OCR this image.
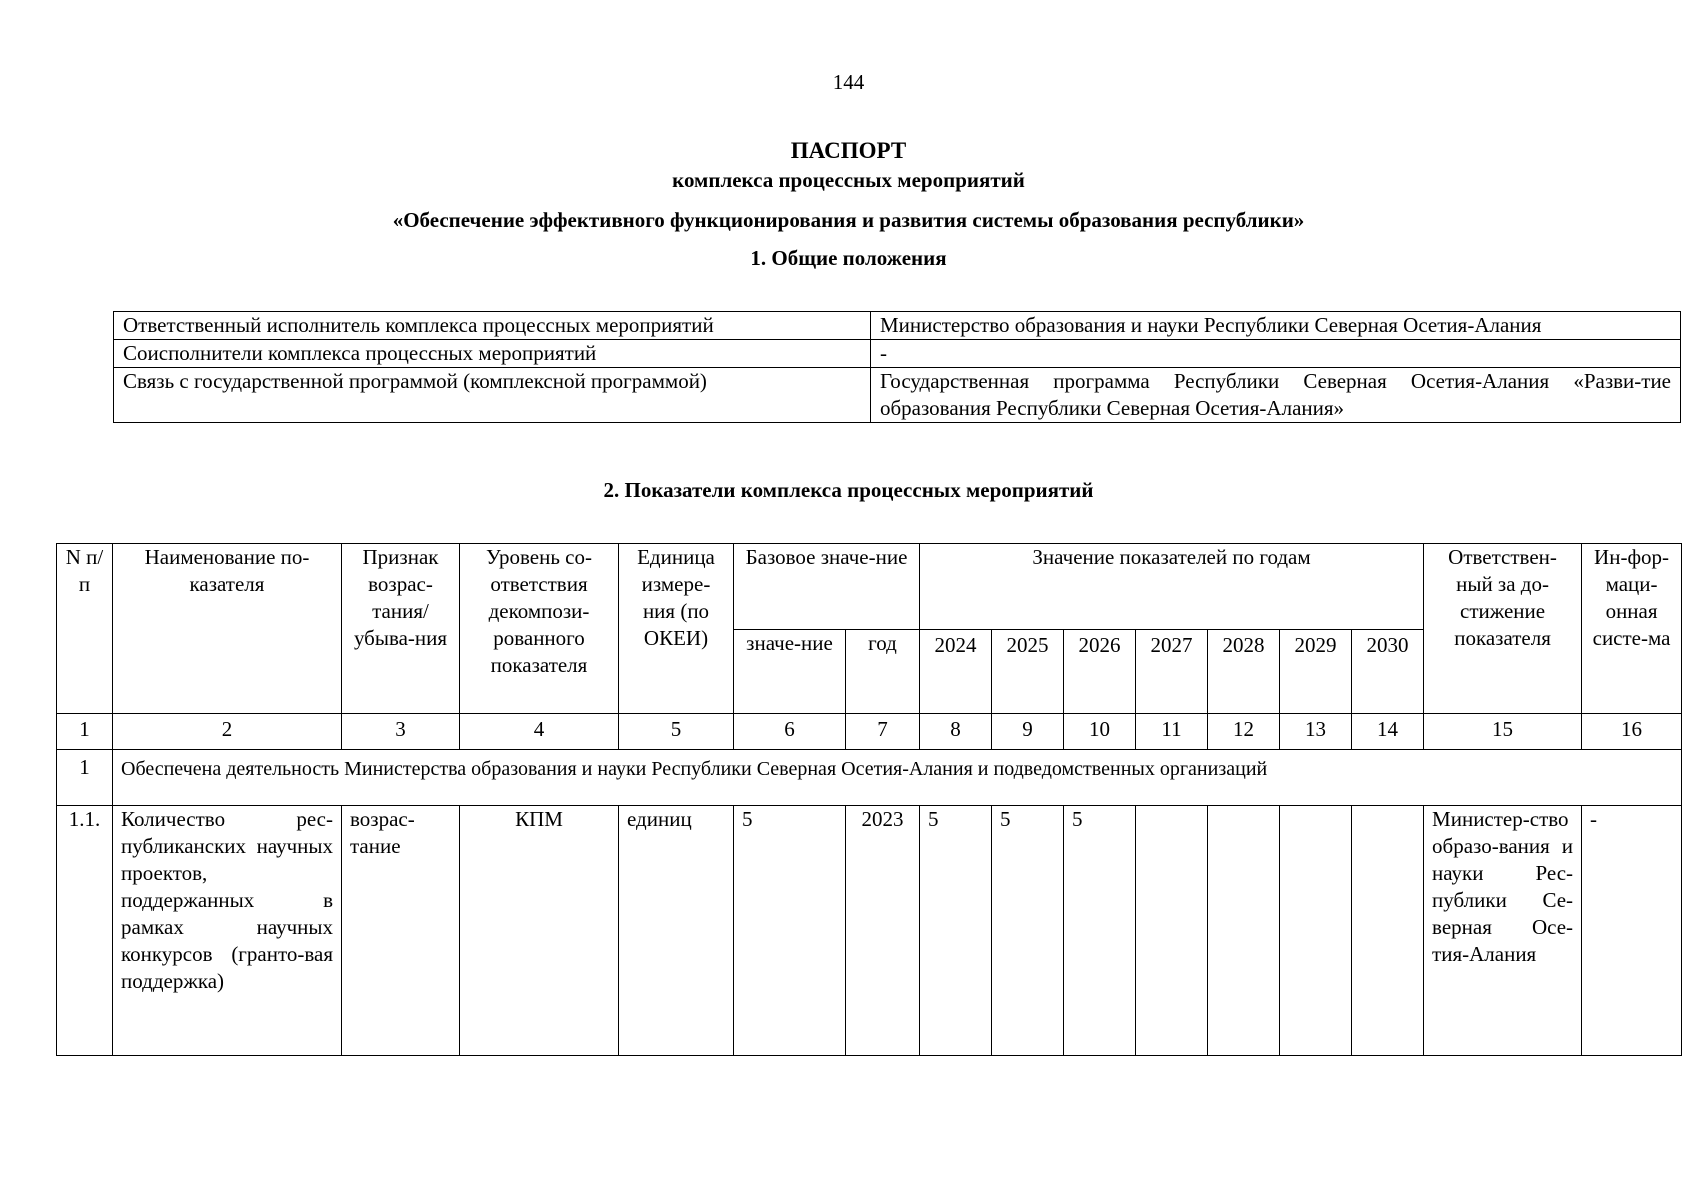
144
ПАСПОРТ
комплекса процессных мероприятий
«Обеспечение эффективного функционирования и развития системы образования республики»
1. Общие положения
Ответственный исполнитель комплекса процессных мероприятий	Министерство образования и науки Республики Северная Осетия-Алания
Соисполнители комплекса процессных мероприятий	-
Связь с государственной программой (комплексной программой)	Государственная программа Республики Северная Осетия-Алания «Разви-тие образования Республики Северная Осетия-Алания»
2. Показатели комплекса процессных мероприятий
N п/п	Наименование по-казателя	Признак возрас-тания/ убыва-ния	Уровень со-ответствия декомпози-рованного показателя	Единица измере-ния (по ОКЕИ)	Базовое значе-ние		Значение показателей по годам							Ответствен-ный за до-стижение показателя	Ин-фор-маци-онная систе-ма
					значе-ние	год	2024	2025	2026	2027	2028	2029	2030		
1	2	3	4	5	6	7	8	9	10	11	12	13	14	15	16
1	Обеспечена деятельность Министерства образования и науки Республики Северная Осетия-Алания и подведомственных организаций														
1.1.	Количество рес-публиканских научных проектов, поддержанных в рамках научных конкурсов (гранто-вая поддержка)	возрас-тание	КПМ	единиц	5	2023	5	5	5					Министер-ство образо-вания и науки Рес-публики Се-верная Осе-тия-Алания	-
